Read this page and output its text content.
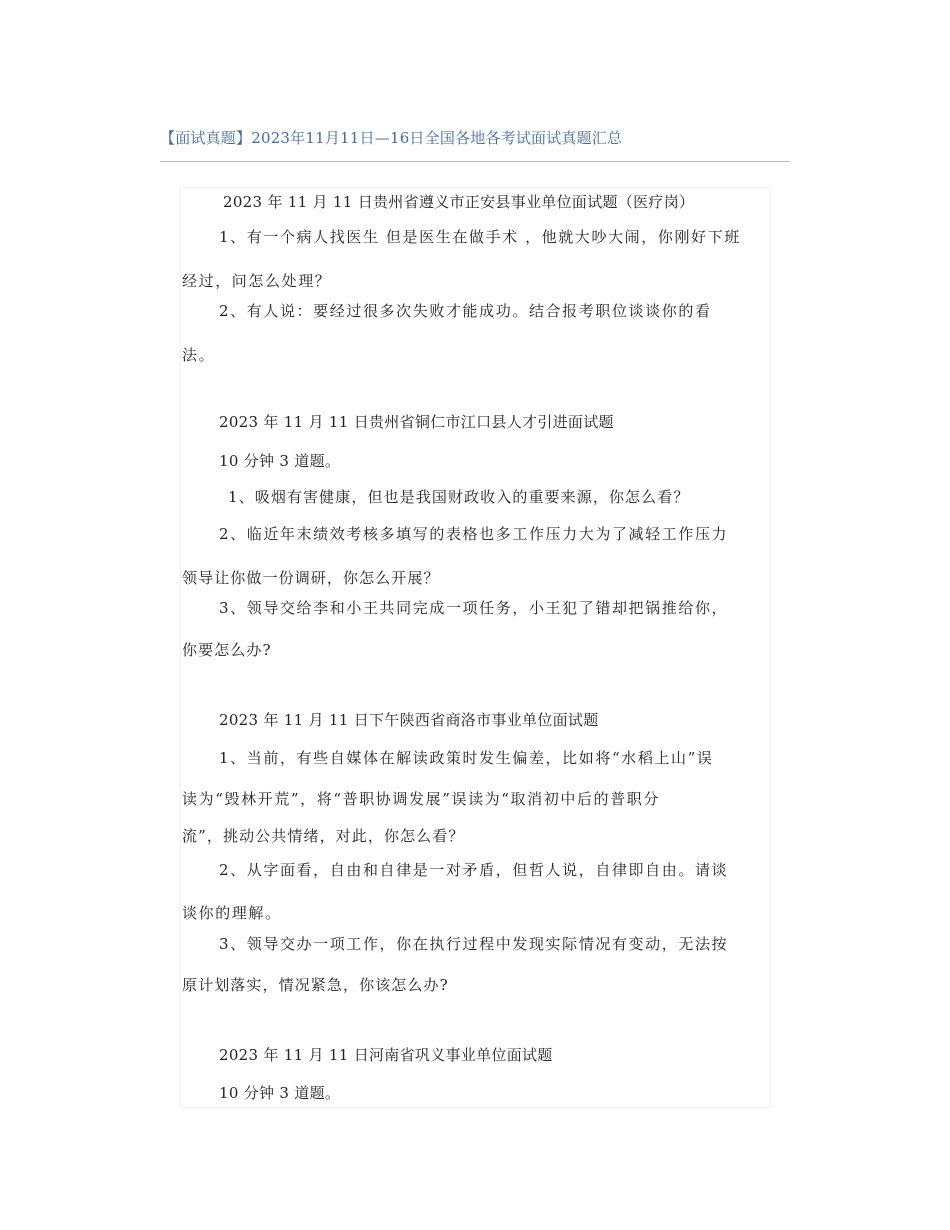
【面试真题】2023年11月11日—16日全国各地各考试面试真题汇总
2023 年 11 月 11 日贵州省遵义市正安县事业单位面试题（医疗岗）
1、有一个病人找医生 但是医生在做手术 ，他就大吵大闹，你刚好下班
经过，问怎么处理？
2、有人说：要经过很多次失败才能成功。结合报考职位谈谈你的看
法。
2023 年 11 月 11 日贵州省铜仁市江口县人才引进面试题
10 分钟 3 道题。
1、吸烟有害健康，但也是我国财政收入的重要来源，你怎么看？
2、临近年末绩效考核多填写的表格也多工作压力大为了减轻工作压力
领导让你做一份调研，你怎么开展？
3、领导交给李和小王共同完成一项任务，小王犯了错却把锅推给你，
你要怎么办?
2023 年 11 月 11 日下午陕西省商洛市事业单位面试题
1、当前，有些自媒体在解读政策时发生偏差，比如将“水稻上山”误
读为“毁林开荒”，将“普职协调发展”误读为“取消初中后的普职分
流”，挑动公共情绪，对此，你怎么看？
2、从字面看，自由和自律是一对矛盾，但哲人说，自律即自由。请谈
谈你的理解。
3、领导交办一项工作，你在执行过程中发现实际情况有变动，无法按
原计划落实，情况紧急，你该怎么办?
2023 年 11 月 11 日河南省巩义事业单位面试题
10 分钟 3 道题。
